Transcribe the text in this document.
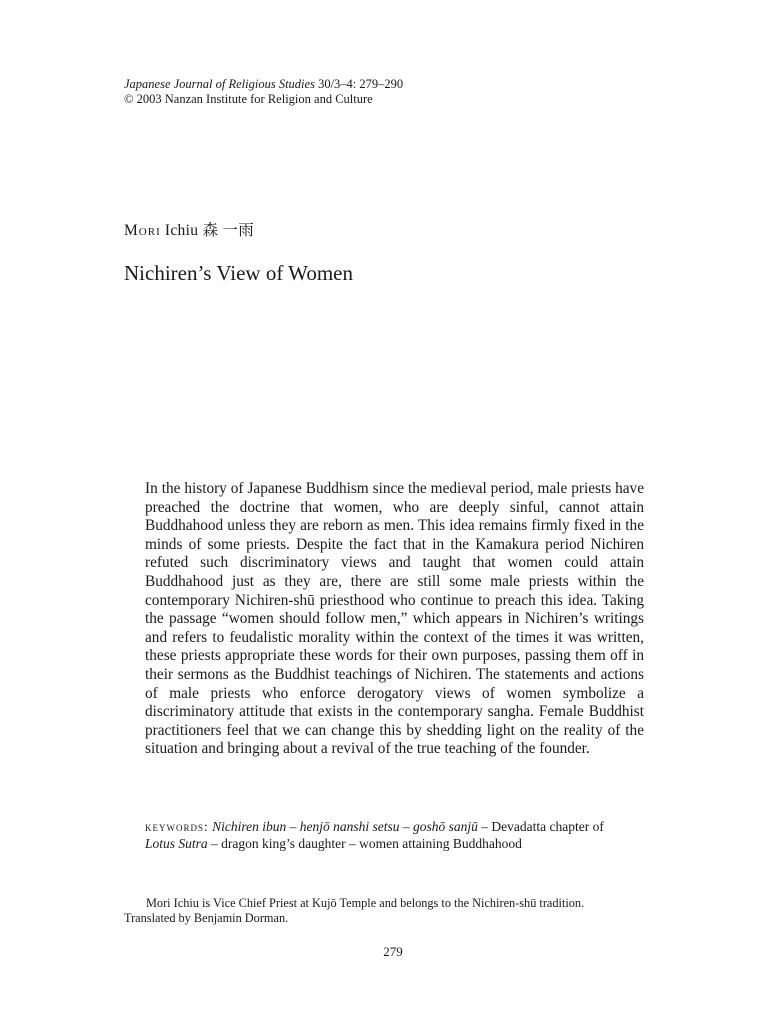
Japanese Journal of Religious Studies 30/3–4: 279–290
© 2003 Nanzan Institute for Religion and Culture
Mori Ichiu 森 一雨
Nichiren’s View of Women
In the history of Japanese Buddhism since the medieval period, male priests have preached the doctrine that women, who are deeply sinful, cannot attain Buddhahood unless they are reborn as men. This idea remains firmly fixed in the minds of some priests. Despite the fact that in the Kamakura period Nichiren refuted such discriminatory views and taught that women could attain Buddhahood just as they are, there are still some male priests within the contemporary Nichiren-shū priesthood who continue to preach this idea. Taking the passage “women should follow men,” which appears in Nichiren’s writings and refers to feudalistic morality within the context of the times it was written, these priests appropriate these words for their own purposes, passing them off in their sermons as the Buddhist teachings of Nichiren. The statements and actions of male priests who enforce derogatory views of women symbolize a discriminatory attitude that exists in the contemporary sangha. Female Buddhist practitioners feel that we can change this by shedding light on the reality of the situation and bringing about a revival of the true teaching of the founder.
keywords: Nichiren ibun – henjō nanshi setsu – goshō sanjū – Devadatta chapter of
Lotus Sutra – dragon king’s daughter – women attaining Buddhahood
Mori Ichiu is Vice Chief Priest at Kujō Temple and belongs to the Nichiren-shū tradition.
Translated by Benjamin Dorman.
279
